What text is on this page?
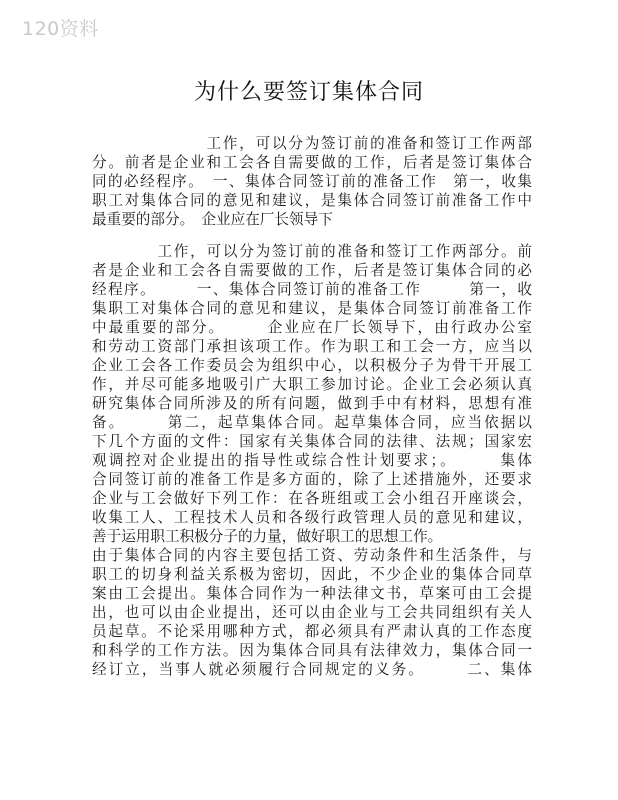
120资料
为什么要签订集体合同
　　　　　　　工作，可以分为签订前的准备和签订工作两部
分。前者是企业和工会各自需要做的工作，后者是签订集体合
同的必经程序。　一、集体合同签订前的准备工作　第一，收集
职工对集体合同的意见和建议，是集体合同签订前准备工作中
最重要的部分。　企业应在厂长领导下
　　　　工作，可以分为签订前的准备和签订工作两部分。前
者是企业和工会各自需要做的工作，后者是签订集体合同的必
经程序。　　　一、集体合同签订前的准备工作　　　第一，收
集职工对集体合同的意见和建议，是集体合同签订前准备工作
中最重要的部分。　　　企业应在厂长领导下，由行政办公室
和劳动工资部门承担该项工作。作为职工和工会一方，应当以
企业工会各工作委员会为组织中心，以积极分子为骨干开展工
作，并尽可能多地吸引广大职工参加讨论。企业工会必须认真
研究集体合同所涉及的所有问题，做到手中有材料，思想有准
备。　　　第二，起草集体合同。起草集体合同，应当依据以
下几个方面的文件：国家有关集体合同的法律、法规；国家宏
观调控对企业提出的指导性或综合性计划要求；。　　　集体
合同签订前的准备工作是多方面的，除了上述措施外，还要求
企业与工会做好下列工作：在各班组或工会小组召开座谈会，
收集工人、工程技术人员和各级行政管理人员的意见和建议，
善于运用职工积极分子的力量，做好职工的思想工作。
由于集体合同的内容主要包括工资、劳动条件和生活条件，与
职工的切身利益关系极为密切，因此，不少企业的集体合同草
案由工会提出。集体合同作为一种法律文书，草案可由工会提
出，也可以由企业提出，还可以由企业与工会共同组织有关人
员起草。不论采用哪种方式，都必须具有严肃认真的工作态度
和科学的工作方法。因为集体合同具有法律效力，集体合同一
经订立，当事人就必须履行合同规定的义务。　　　二、集体
